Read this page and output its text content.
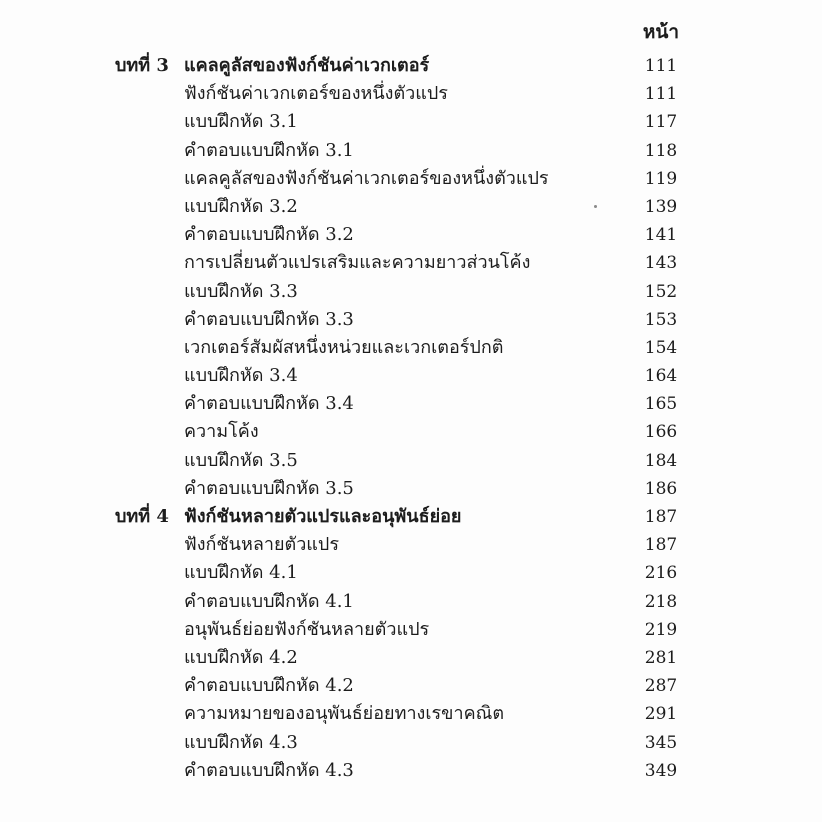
หน้า
บทที่ 3 แคลคูลัสของฟังก์ชันค่าเวกเตอร์	111
ฟังก์ชันค่าเวกเตอร์ของหนึ่งตัวแปร	111
แบบฝึกหัด 3.1	117
คำตอบแบบฝึกหัด 3.1	118
แคลคูลัสของฟังก์ชันค่าเวกเตอร์ของหนึ่งตัวแปร	119
แบบฝึกหัด 3.2	139
คำตอบแบบฝึกหัด 3.2	141
การเปลี่ยนตัวแปรเสริมและความยาวส่วนโค้ง	143
แบบฝึกหัด 3.3	152
คำตอบแบบฝึกหัด 3.3	153
เวกเตอร์สัมผัสหนึ่งหน่วยและเวกเตอร์ปกติ	154
แบบฝึกหัด 3.4	164
คำตอบแบบฝึกหัด 3.4	165
ความโค้ง	166
แบบฝึกหัด 3.5	184
คำตอบแบบฝึกหัด 3.5	186
บทที่ 4 ฟังก์ชันหลายตัวแปรและอนุพันธ์ย่อย	187
ฟังก์ชันหลายตัวแปร	187
แบบฝึกหัด 4.1	216
คำตอบแบบฝึกหัด 4.1	218
อนุพันธ์ย่อยฟังก์ชันหลายตัวแปร	219
แบบฝึกหัด 4.2	281
คำตอบแบบฝึกหัด 4.2	287
ความหมายของอนุพันธ์ย่อยทางเรขาคณิต	291
แบบฝึกหัด 4.3	345
คำตอบแบบฝึกหัด 4.3	349
